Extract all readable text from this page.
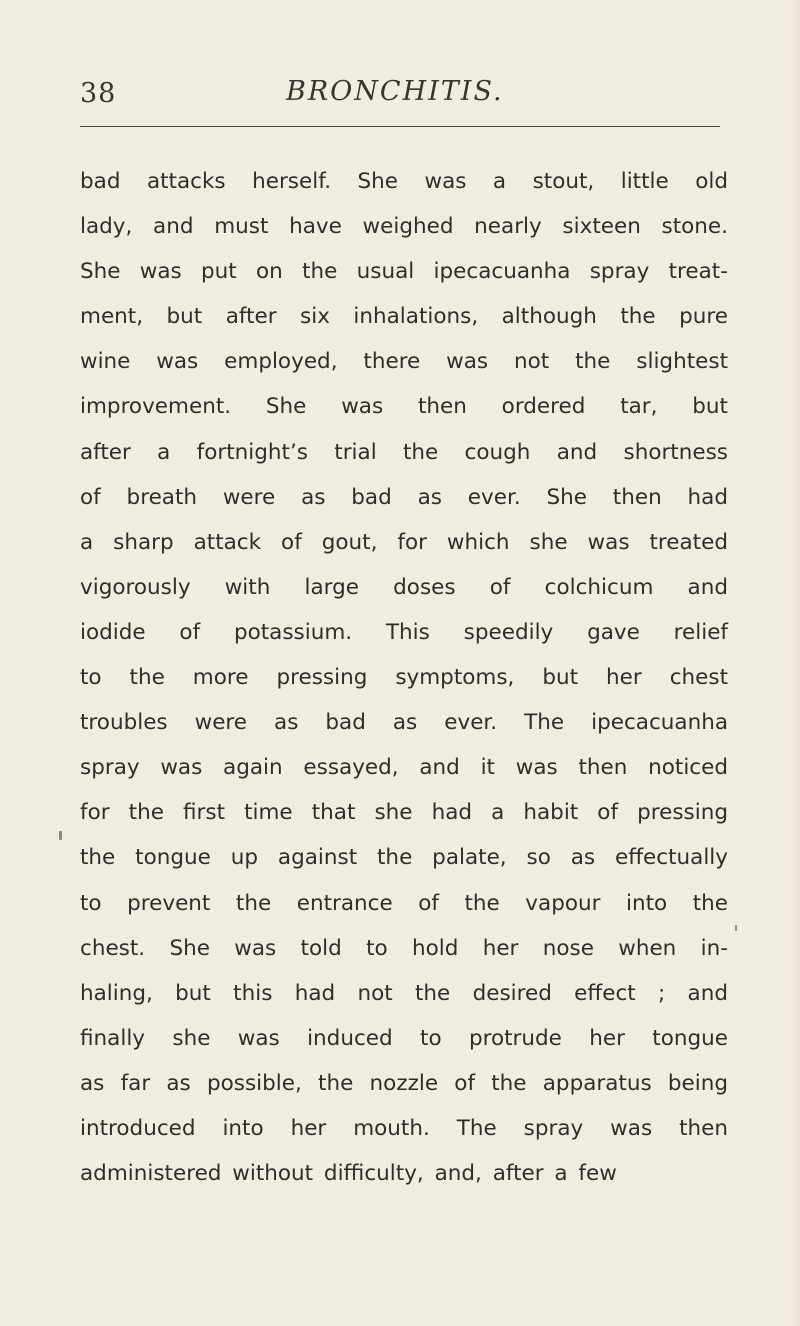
38	BRONCHITIS.
bad attacks herself. She was a stout, little old
lady, and must have weighed nearly sixteen stone.
She was put on the usual ipecacuanha spray treat-
ment, but after six inhalations, although the pure
wine was employed, there was not the slightest
improvement. She was then ordered tar, but
after a fortnight’s trial the cough and shortness
of breath were as bad as ever. She then had
a sharp attack of gout, for which she was treated
vigorously with large doses of colchicum and
iodide of potassium. This speedily gave relief
to the more pressing symptoms, but her chest
troubles were as bad as ever. The ipecacuanha
spray was again essayed, and it was then noticed
for the first time that she had a habit of pressing
the tongue up against the palate, so as effectually
to prevent the entrance of the vapour into the
chest. She was told to hold her nose when in-
haling, but this had not the desired effect ; and
finally she was induced to protrude her tongue
as far as possible, the nozzle of the apparatus being
introduced into her mouth. The spray was then
administered without difficulty, and, after a few
